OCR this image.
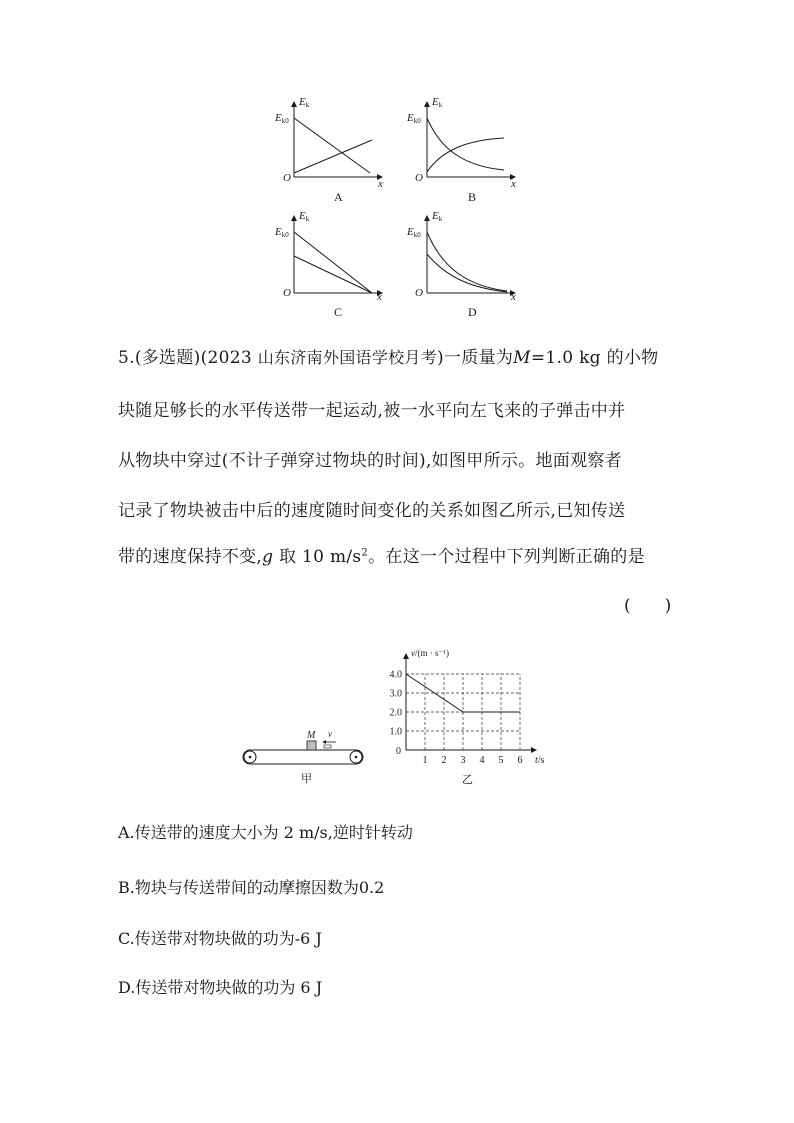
Ek
Ek0
O	x
A
Ek
Ek0
O	x
B
Ek
Ek0
O	x
C
Ek
Ek0
O	x
D
5.(多选题)(2023 山东济南外国语学校月考)一质量为M=1.0 kg 的小物
块随足够长的水平传送带一起运动,被一水平向左飞来的子弹击中并
从物块中穿过(不计子弹穿过物块的时间),如图甲所示。地面观察者
记录了物块被击中后的速度随时间变化的关系如图乙所示,已知传送
带的速度保持不变,g 取 10 $m/s^2$。在这一个过程中下列判断正确的是
(　　)
M v
甲
1.0
2.0
3.0
4.0
1 2 3 4 5 6
v/(m · s⁻¹)
t/s
0
乙
A.传送带的速度大小为 2 m/s,逆时针转动
B.物块与传送带间的动摩擦因数为0.2
C.传送带对物块做的功为-6 J
D.传送带对物块做的功为 6 J
